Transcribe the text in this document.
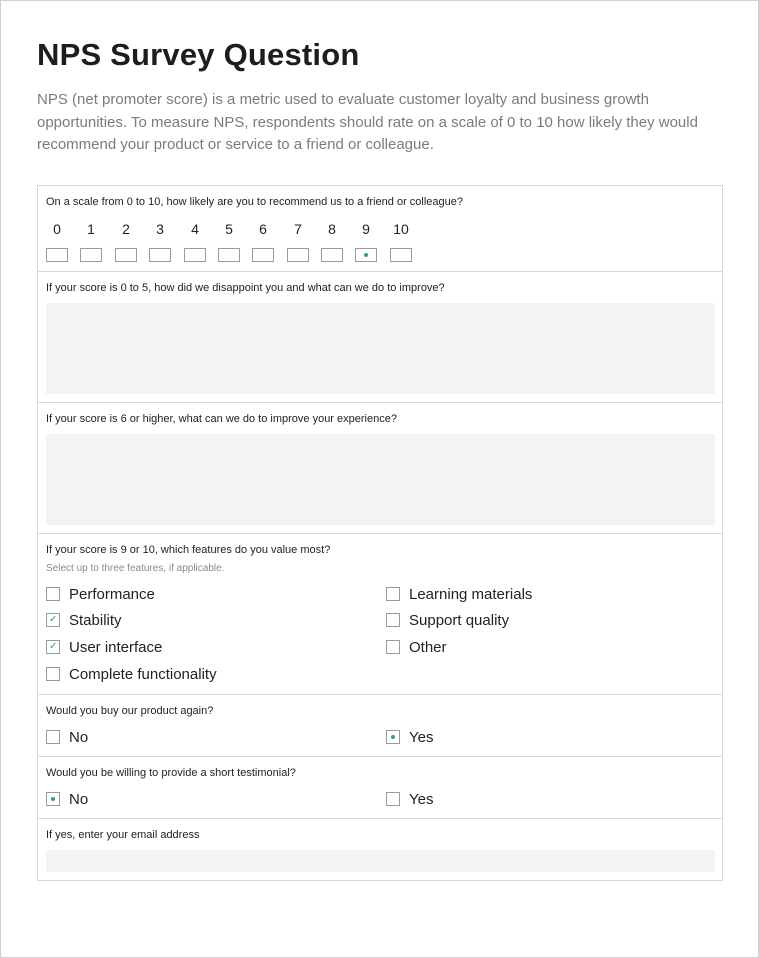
NPS Survey Question

NPS (net promoter score) is a metric used to evaluate customer loyalty and business growth opportunities. To measure NPS, respondents should rate on a scale of 0 to 10 how likely they would recommend your product or service to a friend or colleague.

On a scale from 0 to 10, how likely are you to recommend us to a friend or colleague?

0	1	2	3	4	5	6	7	8	9	10

If your score is 0 to 5, how did we disappoint you and what can we do to improve?

If your score is 6 or higher, what can we do to improve your experience?

If your score is 9 or 10, which features do you value most?

Select up to three features, if applicable.

Performance
✓
Stability
✓
User interface
Complete functionality
Learning materials
Support quality
Other

Would you buy our product again?

No	Yes

Would you be willing to provide a short testimonial?

No	Yes

If yes, enter your email address
